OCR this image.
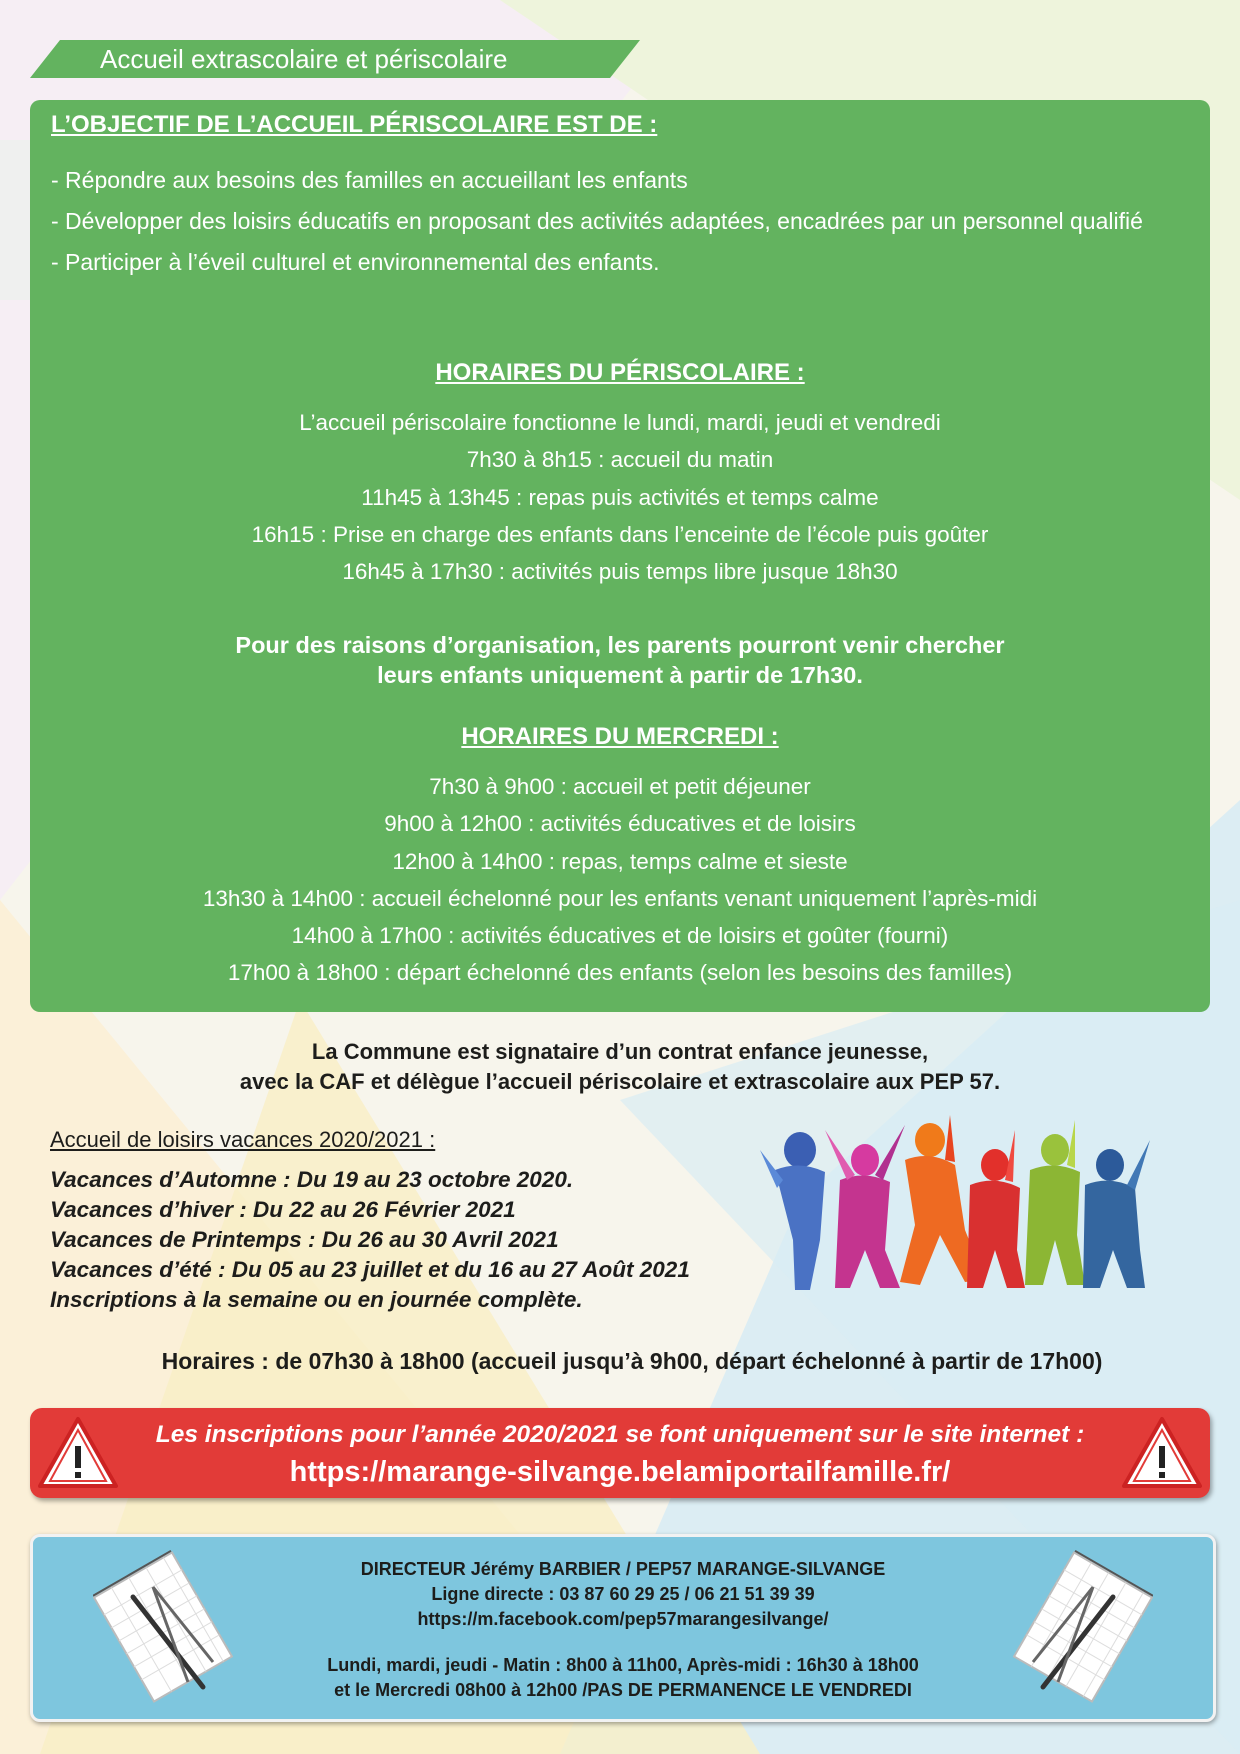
Accueil extrascolaire et périscolaire
L’OBJECTIF DE L’ACCUEIL PÉRISCOLAIRE EST DE :

- Répondre aux besoins des familles en accueillant les enfants

- Développer des loisirs éducatifs en proposant des activités adaptées, encadrées par un personnel qualifié

- Participer à l’éveil culturel et environnemental des enfants.

HORAIRES DU PÉRISCOLAIRE :
L’accueil périscolaire fonctionne le lundi, mardi, jeudi et vendredi
7h30 à 8h15 : accueil du matin
11h45 à 13h45 : repas puis activités et temps calme
16h15 : Prise en charge des enfants dans l’enceinte de l’école puis goûter
16h45 à 17h30 : activités puis temps libre jusque 18h30
Pour des raisons d’organisation, les parents pourront venir chercher
leurs enfants uniquement à partir de 17h30.
HORAIRES DU MERCREDI :
7h30 à 9h00 : accueil et petit déjeuner
9h00 à 12h00 : activités éducatives et de loisirs
12h00 à 14h00 : repas, temps calme et sieste
13h30 à 14h00 : accueil échelonné pour les enfants venant uniquement l’après-midi
14h00 à 17h00 : activités éducatives et de loisirs et goûter (fourni)
17h00 à 18h00 : départ échelonné des enfants (selon les besoins des familles)
La Commune est signataire d’un contrat enfance jeunesse,
avec la CAF et délègue l’accueil périscolaire et extrascolaire aux PEP 57.
Accueil de loisirs vacances 2020/2021 :
Vacances d’Automne : Du 19 au 23 octobre 2020.
Vacances d’hiver : Du 22 au 26 Février 2021
Vacances de Printemps : Du 26 au 30 Avril 2021
Vacances d’été : Du 05 au 23 juillet et du 16 au 27 Août 2021
Inscriptions à la semaine ou en journée complète.
Horaires : de 07h30 à 18h00 (accueil jusqu’à 9h00, départ échelonné à partir de 17h00)
Les inscriptions pour l’année 2020/2021 se font uniquement sur le site internet :
https://marange-silvange.belamiportailfamille.fr/
DIRECTEUR Jérémy BARBIER / PEP57 MARANGE-SILVANGE
Ligne directe : 03 87 60 29 25 / 06 21 51 39 39
https://m.facebook.com/pep57marangesilvange/
Lundi, mardi, jeudi - Matin : 8h00 à 11h00, Après-midi : 16h30 à 18h00
et le Mercredi 08h00 à 12h00 /PAS DE PERMANENCE LE VENDREDI
